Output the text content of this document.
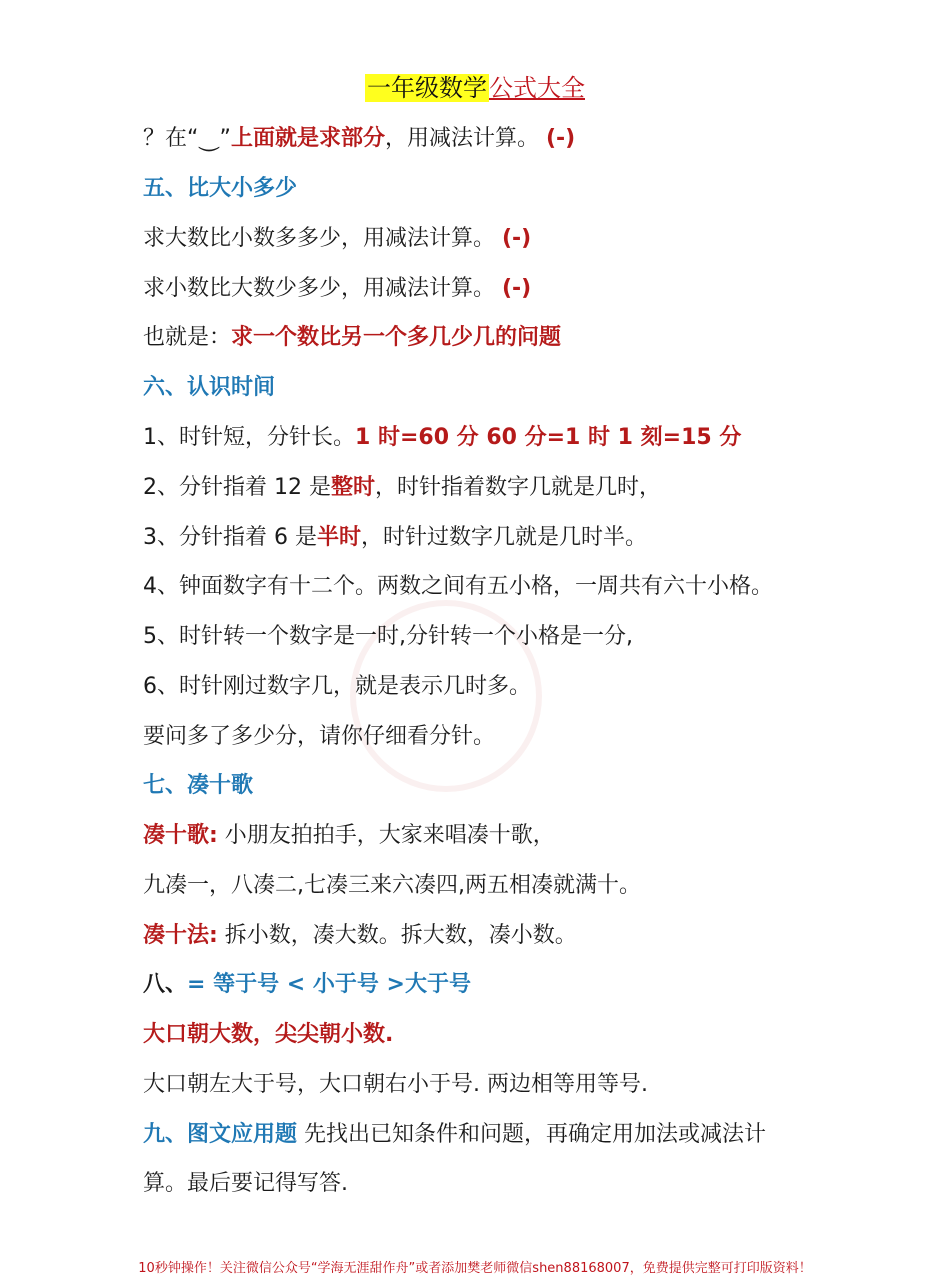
一年级数学公式大全
？在“⏝”上面就是求部分，用减法计算。 (-)
五、比大小多少
求大数比小数多多少，用减法计算。 (-)
求小数比大数少多少，用减法计算。 (-)
也就是：求一个数比另一个多几少几的问题
六、认识时间
1、时针短，分针长。1 时=60 分 60 分=1 时 1 刻=15 分
2、分针指着 12 是整时，时针指着数字几就是几时，
3、分针指着 6 是半时，时针过数字几就是几时半。
4、钟面数字有十二个。两数之间有五小格，一周共有六十小格。
5、时针转一个数字是一时,分针转一个小格是一分,
6、时针刚过数字几，就是表示几时多。
要问多了多少分，请你仔细看分针。
七、凑十歌
凑十歌: 小朋友拍拍手，大家来唱凑十歌，
九凑一，八凑二,七凑三来六凑四,两五相凑就满十。
凑十法: 拆小数，凑大数。拆大数，凑小数。
八、= 等于号 < 小于号 >大于号
大口朝大数，尖尖朝小数.
大口朝左大于号，大口朝右小于号. 两边相等用等号.
九、图文应用题 先找出已知条件和问题，再确定用加法或减法计
算。最后要记得写答.
10秒钟操作！关注微信公众号“学海无涯甜作舟”或者添加樊老师微信shen88168007，免费提供完整可打印版资料！
